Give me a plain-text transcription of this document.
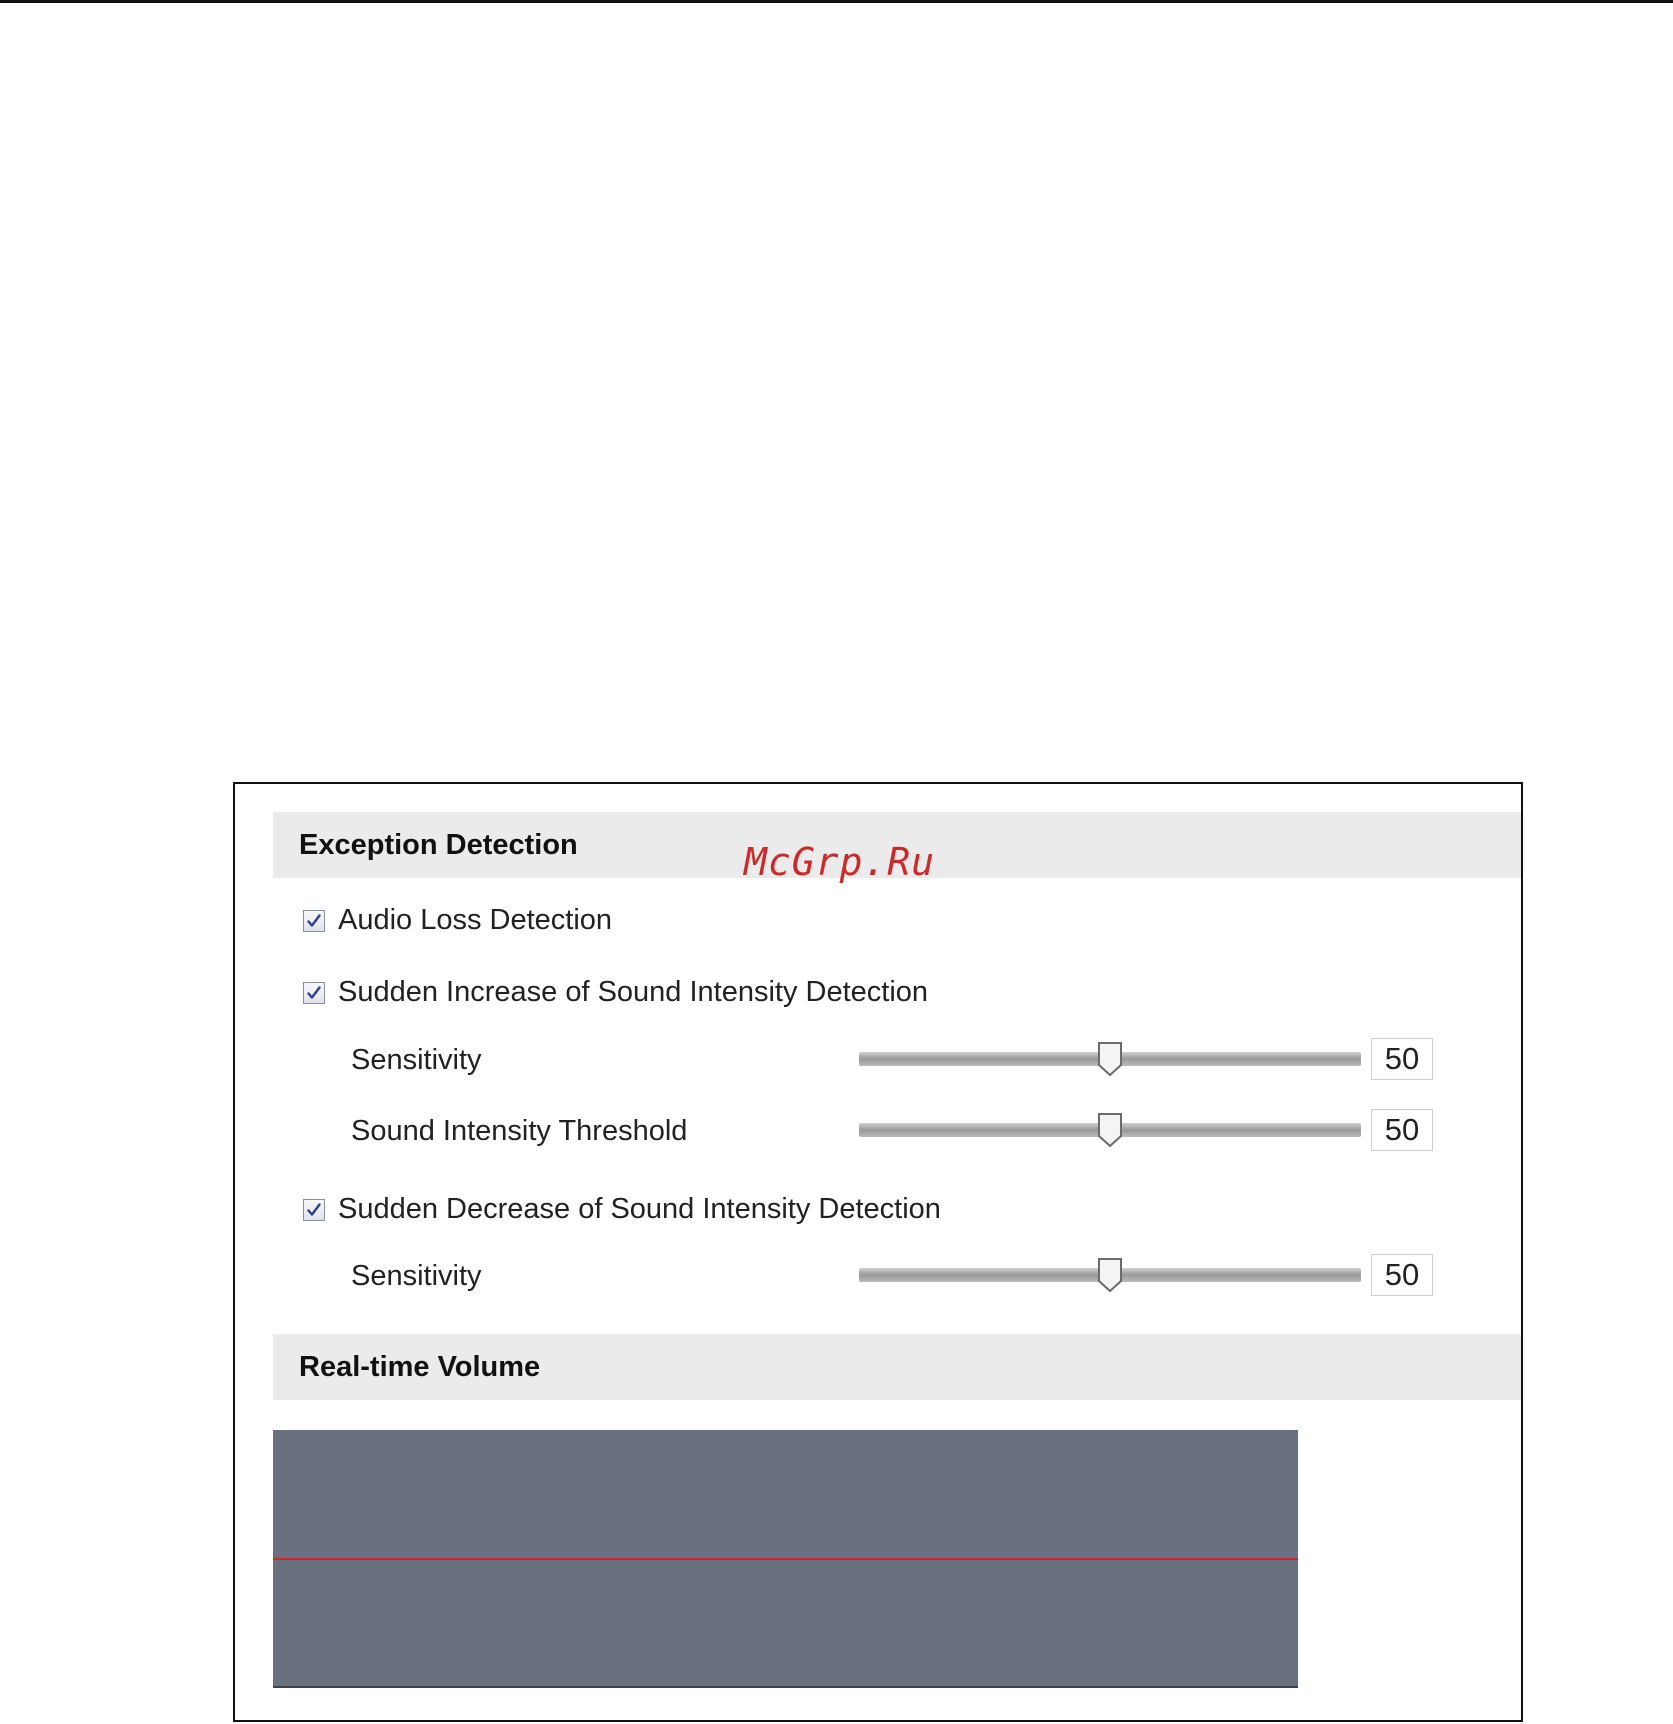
Exception Detection	McGrp.Ru
Audio Loss Detection
Sudden Increase of Sound Intensity Detection
Sensitivity	50
Sound Intensity Threshold	50
Sudden Decrease of Sound Intensity Detection
Sensitivity	50
Real-time Volume
